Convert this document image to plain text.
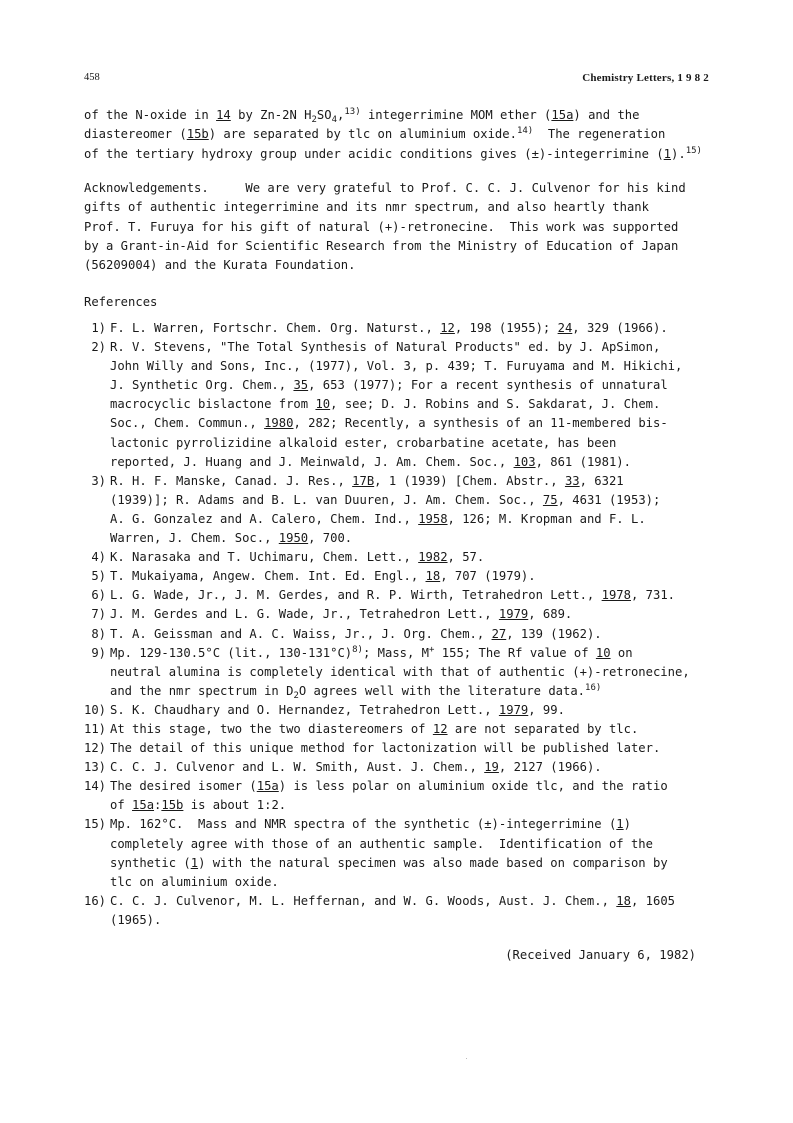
458	Chemistry Letters, 1 9 8 2
of the N-oxide in 14 by Zn-2N $H_2SO_4,^{13)}$ integerrimine MOM ether (15a) and the
diastereomer (15b) are separated by tlc on aluminium oxide.$^{14)}$  The regeneration
of the tertiary hydroxy group under acidic conditions gives (±)-integerrimine (1).$^{15)}$
Acknowledgements.     We are very grateful to Prof. C. C. J. Culvenor for his kind
gifts of authentic integerrimine and its nmr spectrum, and also heartly thank
Prof. T. Furuya for his gift of natural (+)-retronecine.  This work was supported
by a Grant-in-Aid for Scientific Research from the Ministry of Education of Japan
(56209004) and the Kurata Foundation.
References
1) F. L. Warren, Fortschr. Chem. Org. Naturst., 12, 198 (1955); 24, 329 (1966).
2) R. V. Stevens, "The Total Synthesis of Natural Products" ed. by J. ApSimon,
John Willy and Sons, Inc., (1977), Vol. 3, p. 439; T. Furuyama and M. Hikichi,
J. Synthetic Org. Chem., 35, 653 (1977); For a recent synthesis of unnatural
macrocyclic bislactone from 10, see; D. J. Robins and S. Sakdarat, J. Chem.
Soc., Chem. Commun., 1980, 282; Recently, a synthesis of an 11-membered bis-
lactonic pyrrolizidine alkaloid ester, crobarbatine acetate, has been
reported, J. Huang and J. Meinwald, J. Am. Chem. Soc., 103, 861 (1981).
3) R. H. F. Manske, Canad. J. Res., 17B, 1 (1939) [Chem. Abstr., 33, 6321
(1939)]; R. Adams and B. L. van Duuren, J. Am. Chem. Soc., 75, 4631 (1953);
A. G. Gonzalez and A. Calero, Chem. Ind., 1958, 126; M. Kropman and F. L.
Warren, J. Chem. Soc., 1950, 700.
4) K. Narasaka and T. Uchimaru, Chem. Lett., 1982, 57.
5) T. Mukaiyama, Angew. Chem. Int. Ed. Engl., 18, 707 (1979).
6) L. G. Wade, Jr., J. M. Gerdes, and R. P. Wirth, Tetrahedron Lett., 1978, 731.
7) J. M. Gerdes and L. G. Wade, Jr., Tetrahedron Lett., 1979, 689.
8) T. A. Geissman and A. C. Waiss, Jr., J. Org. Chem., 27, 139 (1962).
9) Mp. 129-130.5°C (lit., 130-131°C)$^{8)}$; Mass, M+ 155; The Rf value of 10 on
neutral alumina is completely identical with that of authentic (+)-retronecine,
and the nmr spectrum in $D_2O$ agrees well with the literature data.$^{16)}$
10) S. K. Chaudhary and O. Hernandez, Tetrahedron Lett., 1979, 99.
11) At this stage, two the two diastereomers of 12 are not separated by tlc.
12) The detail of this unique method for lactonization will be published later.
13) C. C. J. Culvenor and L. W. Smith, Aust. J. Chem., 19, 2127 (1966).
14) The desired isomer (15a) is less polar on aluminium oxide tlc, and the ratio
of 15a:15b is about 1:2.
15) Mp. 162°C.  Mass and NMR spectra of the synthetic (±)-integerrimine (1)
completely agree with those of an authentic sample.  Identification of the
synthetic (1) with the natural specimen was also made based on comparison by
tlc on aluminium oxide.
16) C. C. J. Culvenor, M. L. Heffernan, and W. G. Woods, Aust. J. Chem., 18, 1605
(1965).
(Received January 6, 1982)
